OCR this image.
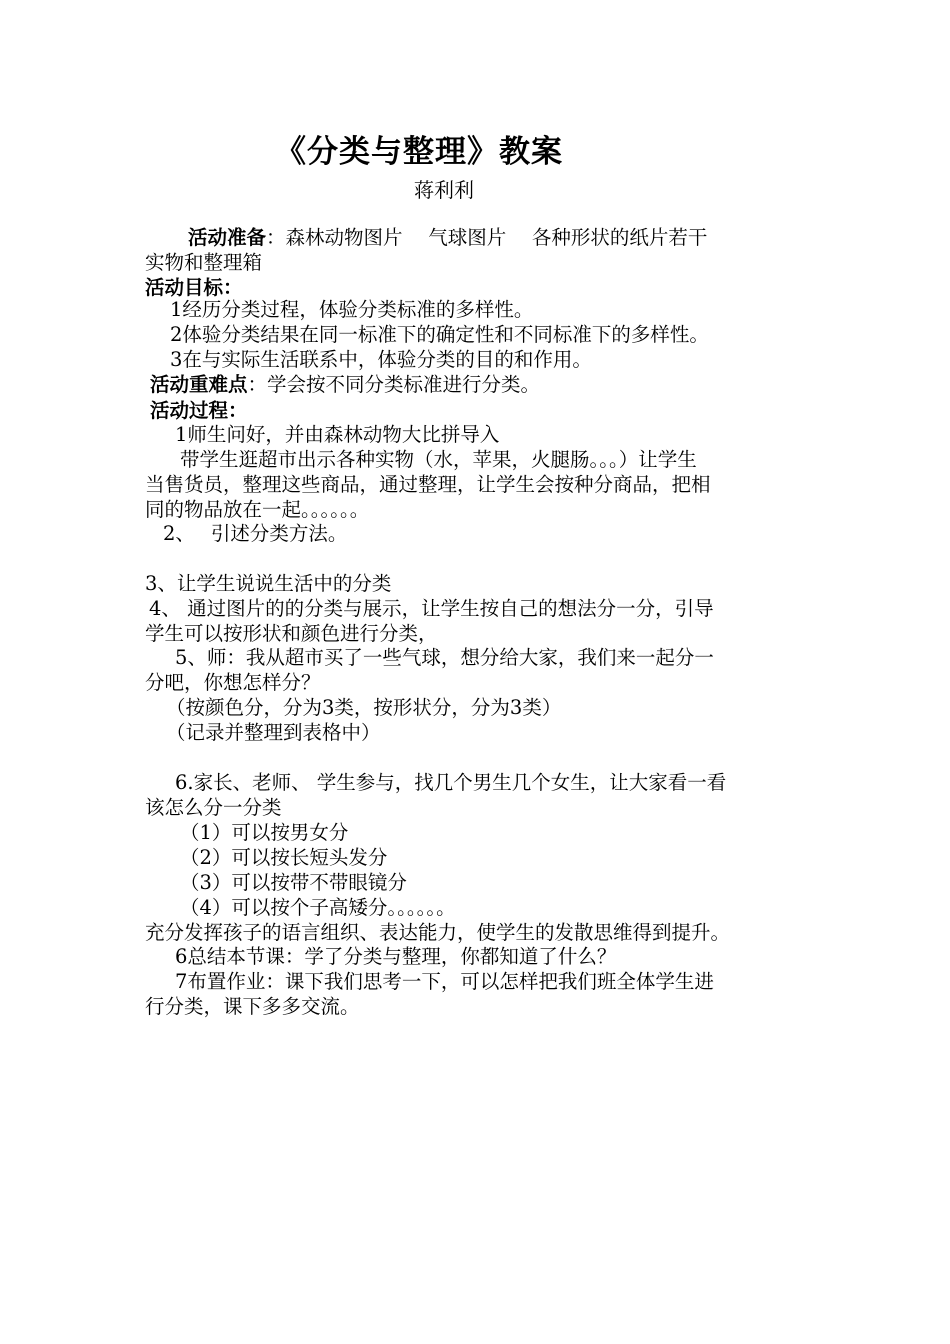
《分类与整理》教案
蒋利利
活动准备：森林动物图片　 气球图片　 各种形状的纸片若干
实物和整理箱
活动目标：
1经历分类过程，体验分类标准的多样性。
2体验分类结果在同一标准下的确定性和不同标准下的多样性。
3在与实际生活联系中，体验分类的目的和作用。
活动重难点：学会按不同分类标准进行分类。
活动过程：
1师生问好，并由森林动物大比拼导入
带学生逛超市出示各种实物（水，苹果，火腿肠。。。）让学生
当售货员，整理这些商品，通过整理，让学生会按种分商品，把相
同的物品放在一起。。。。。。
2、　 引述分类方法。
3、让学生说说生活中的分类
4、 通过图片的的分类与展示，让学生按自己的想法分一分，引导
学生可以按形状和颜色进行分类，
5、师：我从超市买了一些气球，想分给大家，我们来一起分一
分吧，你想怎样分？
（按颜色分，分为3类，按形状分，分为3类）
（记录并整理到表格中）
6.家长、老师、 学生参与，找几个男生几个女生，让大家看一看
该怎么分一分类
（1）可以按男女分
（2）可以按长短头发分
（3）可以按带不带眼镜分
（4）可以按个子高矮分。。。。。。
充分发挥孩子的语言组织、表达能力，使学生的发散思维得到提升。
6总结本节课：学了分类与整理，你都知道了什么？
7布置作业：课下我们思考一下，可以怎样把我们班全体学生进
行分类，课下多多交流。
